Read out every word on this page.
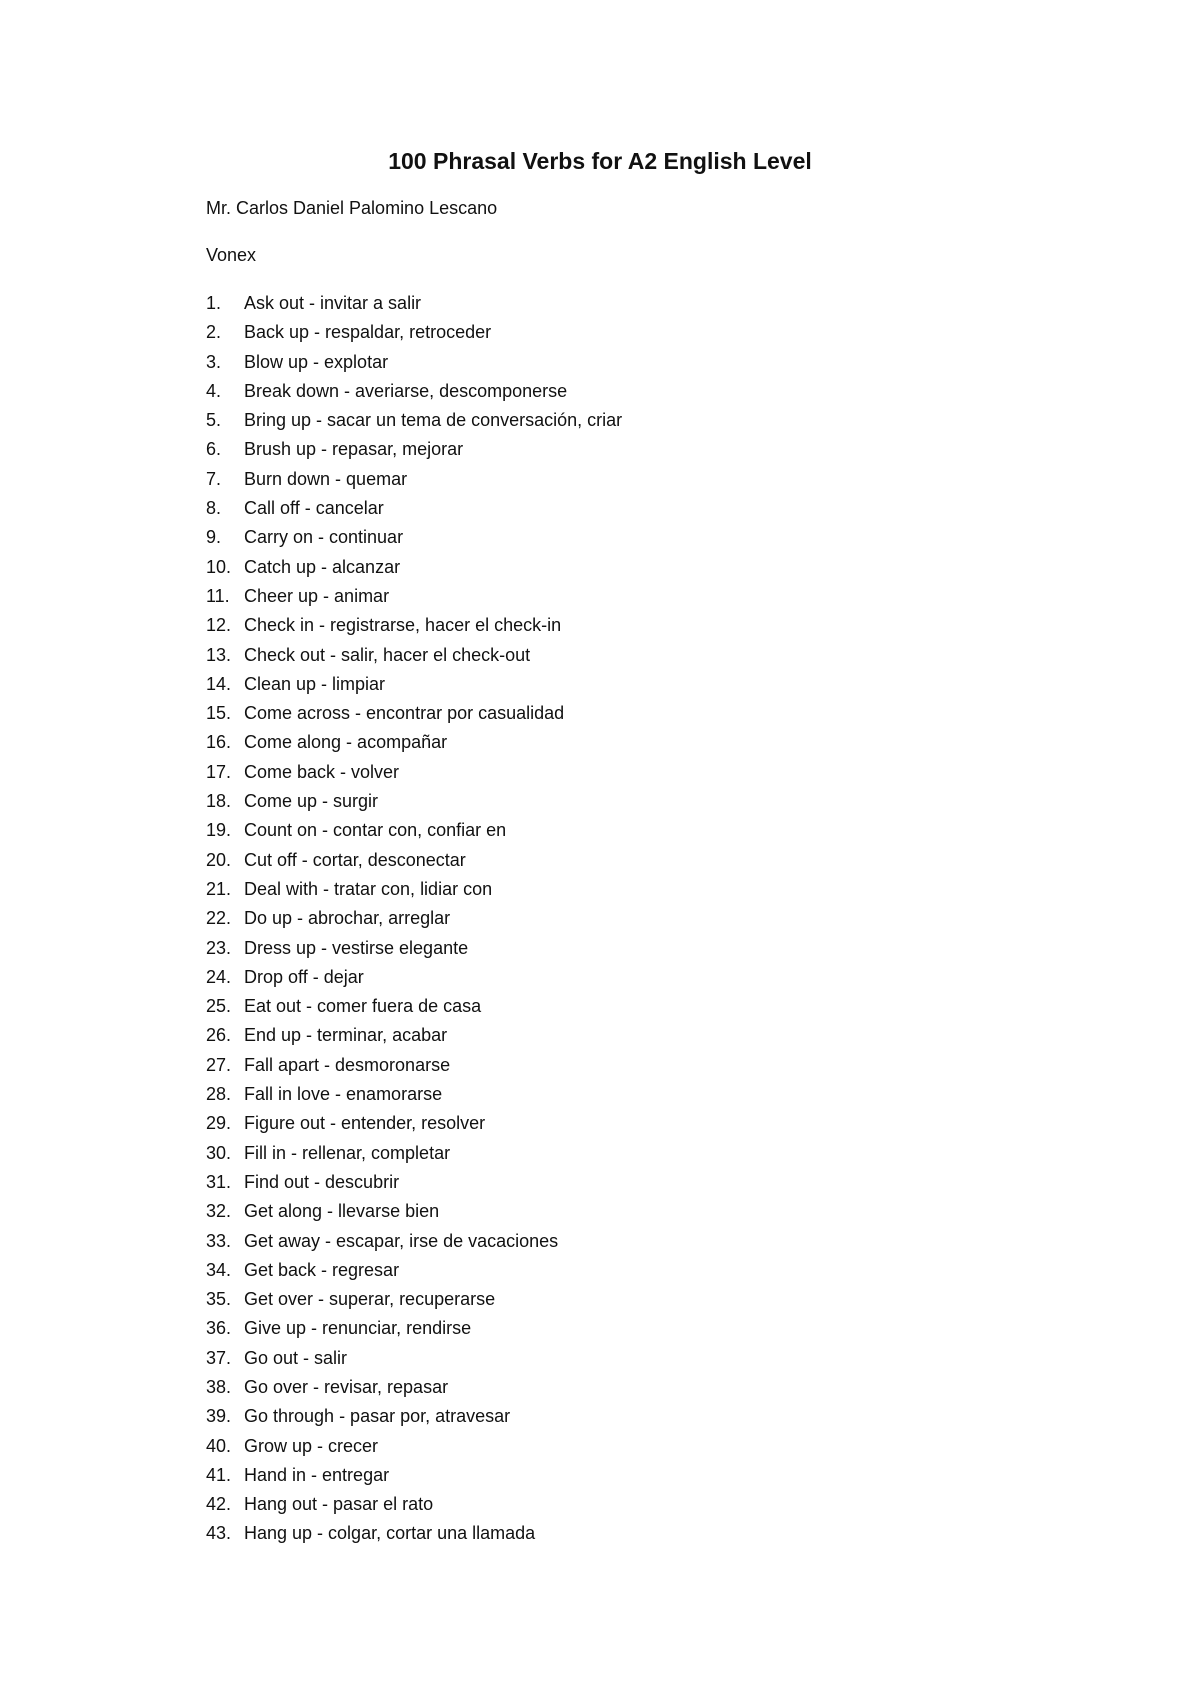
100 Phrasal Verbs for A2 English Level

Mr. Carlos Daniel Palomino Lescano

Vonex

1. Ask out - invitar a salir
2. Back up - respaldar, retroceder
3. Blow up - explotar
4. Break down - averiarse, descomponerse
5. Bring up - sacar un tema de conversación, criar
6. Brush up - repasar, mejorar
7. Burn down - quemar
8. Call off - cancelar
9. Carry on - continuar
10. Catch up - alcanzar
11. Cheer up - animar
12. Check in - registrarse, hacer el check-in
13. Check out - salir, hacer el check-out
14. Clean up - limpiar
15. Come across - encontrar por casualidad
16. Come along - acompañar
17. Come back - volver
18. Come up - surgir
19. Count on - contar con, confiar en
20. Cut off - cortar, desconectar
21. Deal with - tratar con, lidiar con
22. Do up - abrochar, arreglar
23. Dress up - vestirse elegante
24. Drop off - dejar
25. Eat out - comer fuera de casa
26. End up - terminar, acabar
27. Fall apart - desmoronarse
28. Fall in love - enamorarse
29. Figure out - entender, resolver
30. Fill in - rellenar, completar
31. Find out - descubrir
32. Get along - llevarse bien
33. Get away - escapar, irse de vacaciones
34. Get back - regresar
35. Get over - superar, recuperarse
36. Give up - renunciar, rendirse
37. Go out - salir
38. Go over - revisar, repasar
39. Go through - pasar por, atravesar
40. Grow up - crecer
41. Hand in - entregar
42. Hang out - pasar el rato
43. Hang up - colgar, cortar una llamada
